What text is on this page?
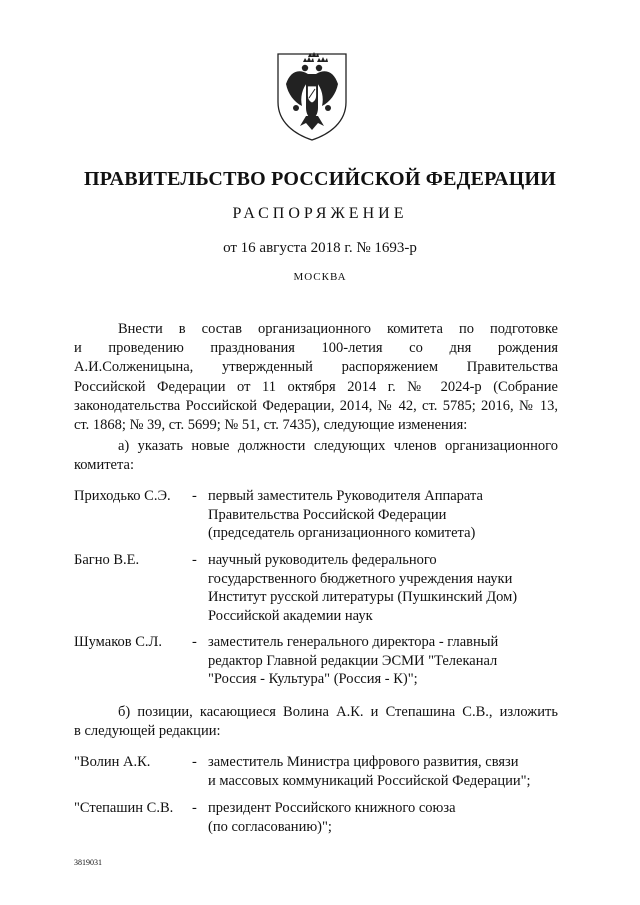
ПРАВИТЕЛЬСТВО РОССИЙСКОЙ ФЕДЕРАЦИИ
РАСПОРЯЖЕНИЕ
от 16 августа 2018 г. № 1693-р
МОСКВА
Внести в состав организационного комитета по подготовке
и проведению празднования 100-летия со дня рождения
А.И.Солженицына, утвержденный распоряжением Правительства
Российской Федерации от 11 октября 2014 г. № 2024-р (Собрание
законодательства Российской Федерации, 2014, № 42, ст. 5785; 2016, № 13,
ст. 1868; № 39, ст. 5699; № 51, ст. 7435), следующие изменения:
а) указать новые должности следующих членов организационного
комитета:
Приходько С.Э. - первый заместитель Руководителя Аппарата
Правительства Российской Федерации
(председатель организационного комитета)
Багно В.Е.	- научный руководитель федерального
государственного бюджетного учреждения науки
Институт русской литературы (Пушкинский Дом)
Российской академии наук
Шумаков С.Л. - заместитель генерального директора - главный
редактор Главной редакции ЭСМИ "Телеканал
"Россия - Культура" (Россия - К)";
б) позиции, касающиеся Волина А.К. и Степашина С.В., изложить
в следующей редакции:
"Волин А.К.	- заместитель Министра цифрового развития, связи
и массовых коммуникаций Российской Федерации";
"Степашин С.В. - президент Российского книжного союза
(по согласованию)";
3819031
